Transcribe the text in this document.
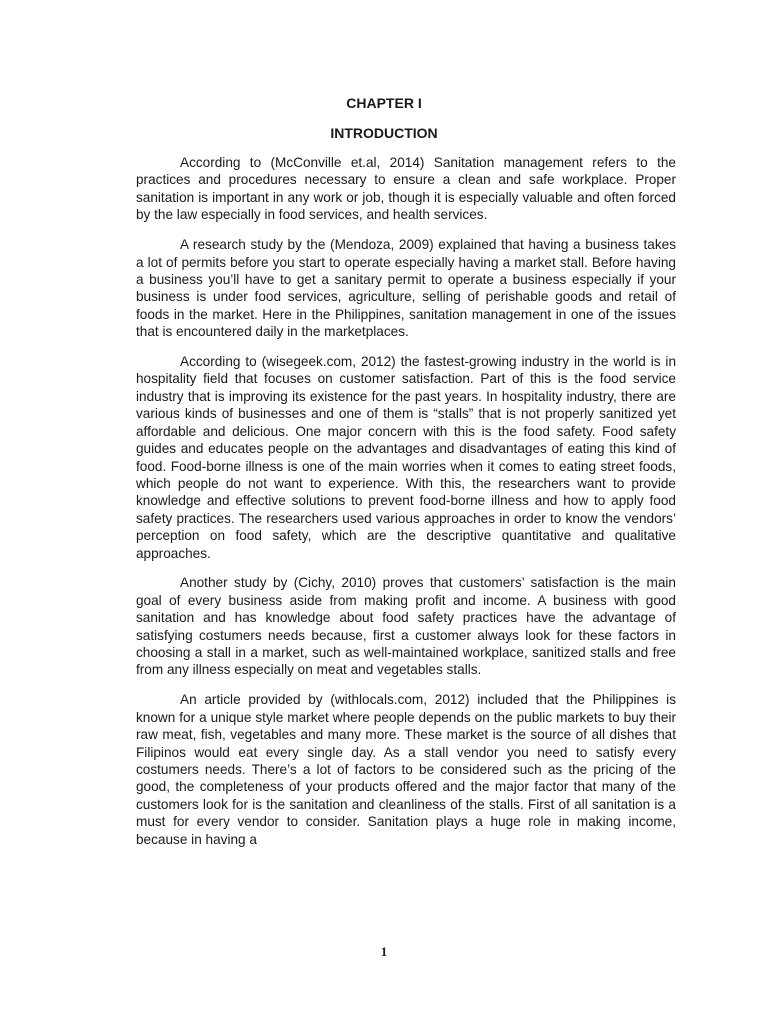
CHAPTER I
INTRODUCTION

According to (McConville et.al, 2014) Sanitation management refers to the practices and procedures necessary to ensure a clean and safe workplace. Proper sanitation is important in any work or job, though it is especially valuable and often forced by the law especially in food services, and health services.

A research study by the (Mendoza, 2009) explained that having a business takes a lot of permits before you start to operate especially having a market stall. Before having a business you’ll have to get a sanitary permit to operate a business especially if your business is under food services, agriculture, selling of perishable goods and retail of foods in the market. Here in the Philippines, sanitation management in one of the issues that is encountered daily in the marketplaces.

According to (wisegeek.com, 2012) the fastest-growing industry in the world is in hospitality field that focuses on customer satisfaction. Part of this is the food service industry that is improving its existence for the past years. In hospitality industry, there are various kinds of businesses and one of them is “stalls” that is not properly sanitized yet affordable and delicious. One major concern with this is the food safety. Food safety guides and educates people on the advantages and disadvantages of eating this kind of food. Food-borne illness is one of the main worries when it comes to eating street foods, which people do not want to experience. With this, the researchers want to provide knowledge and effective solutions to prevent food-borne illness and how to apply food safety practices. The researchers used various approaches in order to know the vendors’ perception on food safety, which are the descriptive quantitative and qualitative approaches.

Another study by (Cichy, 2010) proves that customers’ satisfaction is the main goal of every business aside from making profit and income. A business with good sanitation and has knowledge about food safety practices have the advantage of satisfying costumers needs because, first a customer always look for these factors in choosing a stall in a market, such as well-maintained workplace, sanitized stalls and free from any illness especially on meat and vegetables stalls.

An article provided by (withlocals.com, 2012) included that the Philippines is known for a unique style market where people depends on the public markets to buy their raw meat, fish, vegetables and many more. These market is the source of all dishes that Filipinos would eat every single day. As a stall vendor you need to satisfy every costumers needs. There’s a lot of factors to be considered such as the pricing of the good, the completeness of your products offered and the major factor that many of the customers look for is the sanitation and cleanliness of the stalls. First of all sanitation is a must for every vendor to consider. Sanitation plays a huge role in making income, because in having a

1
